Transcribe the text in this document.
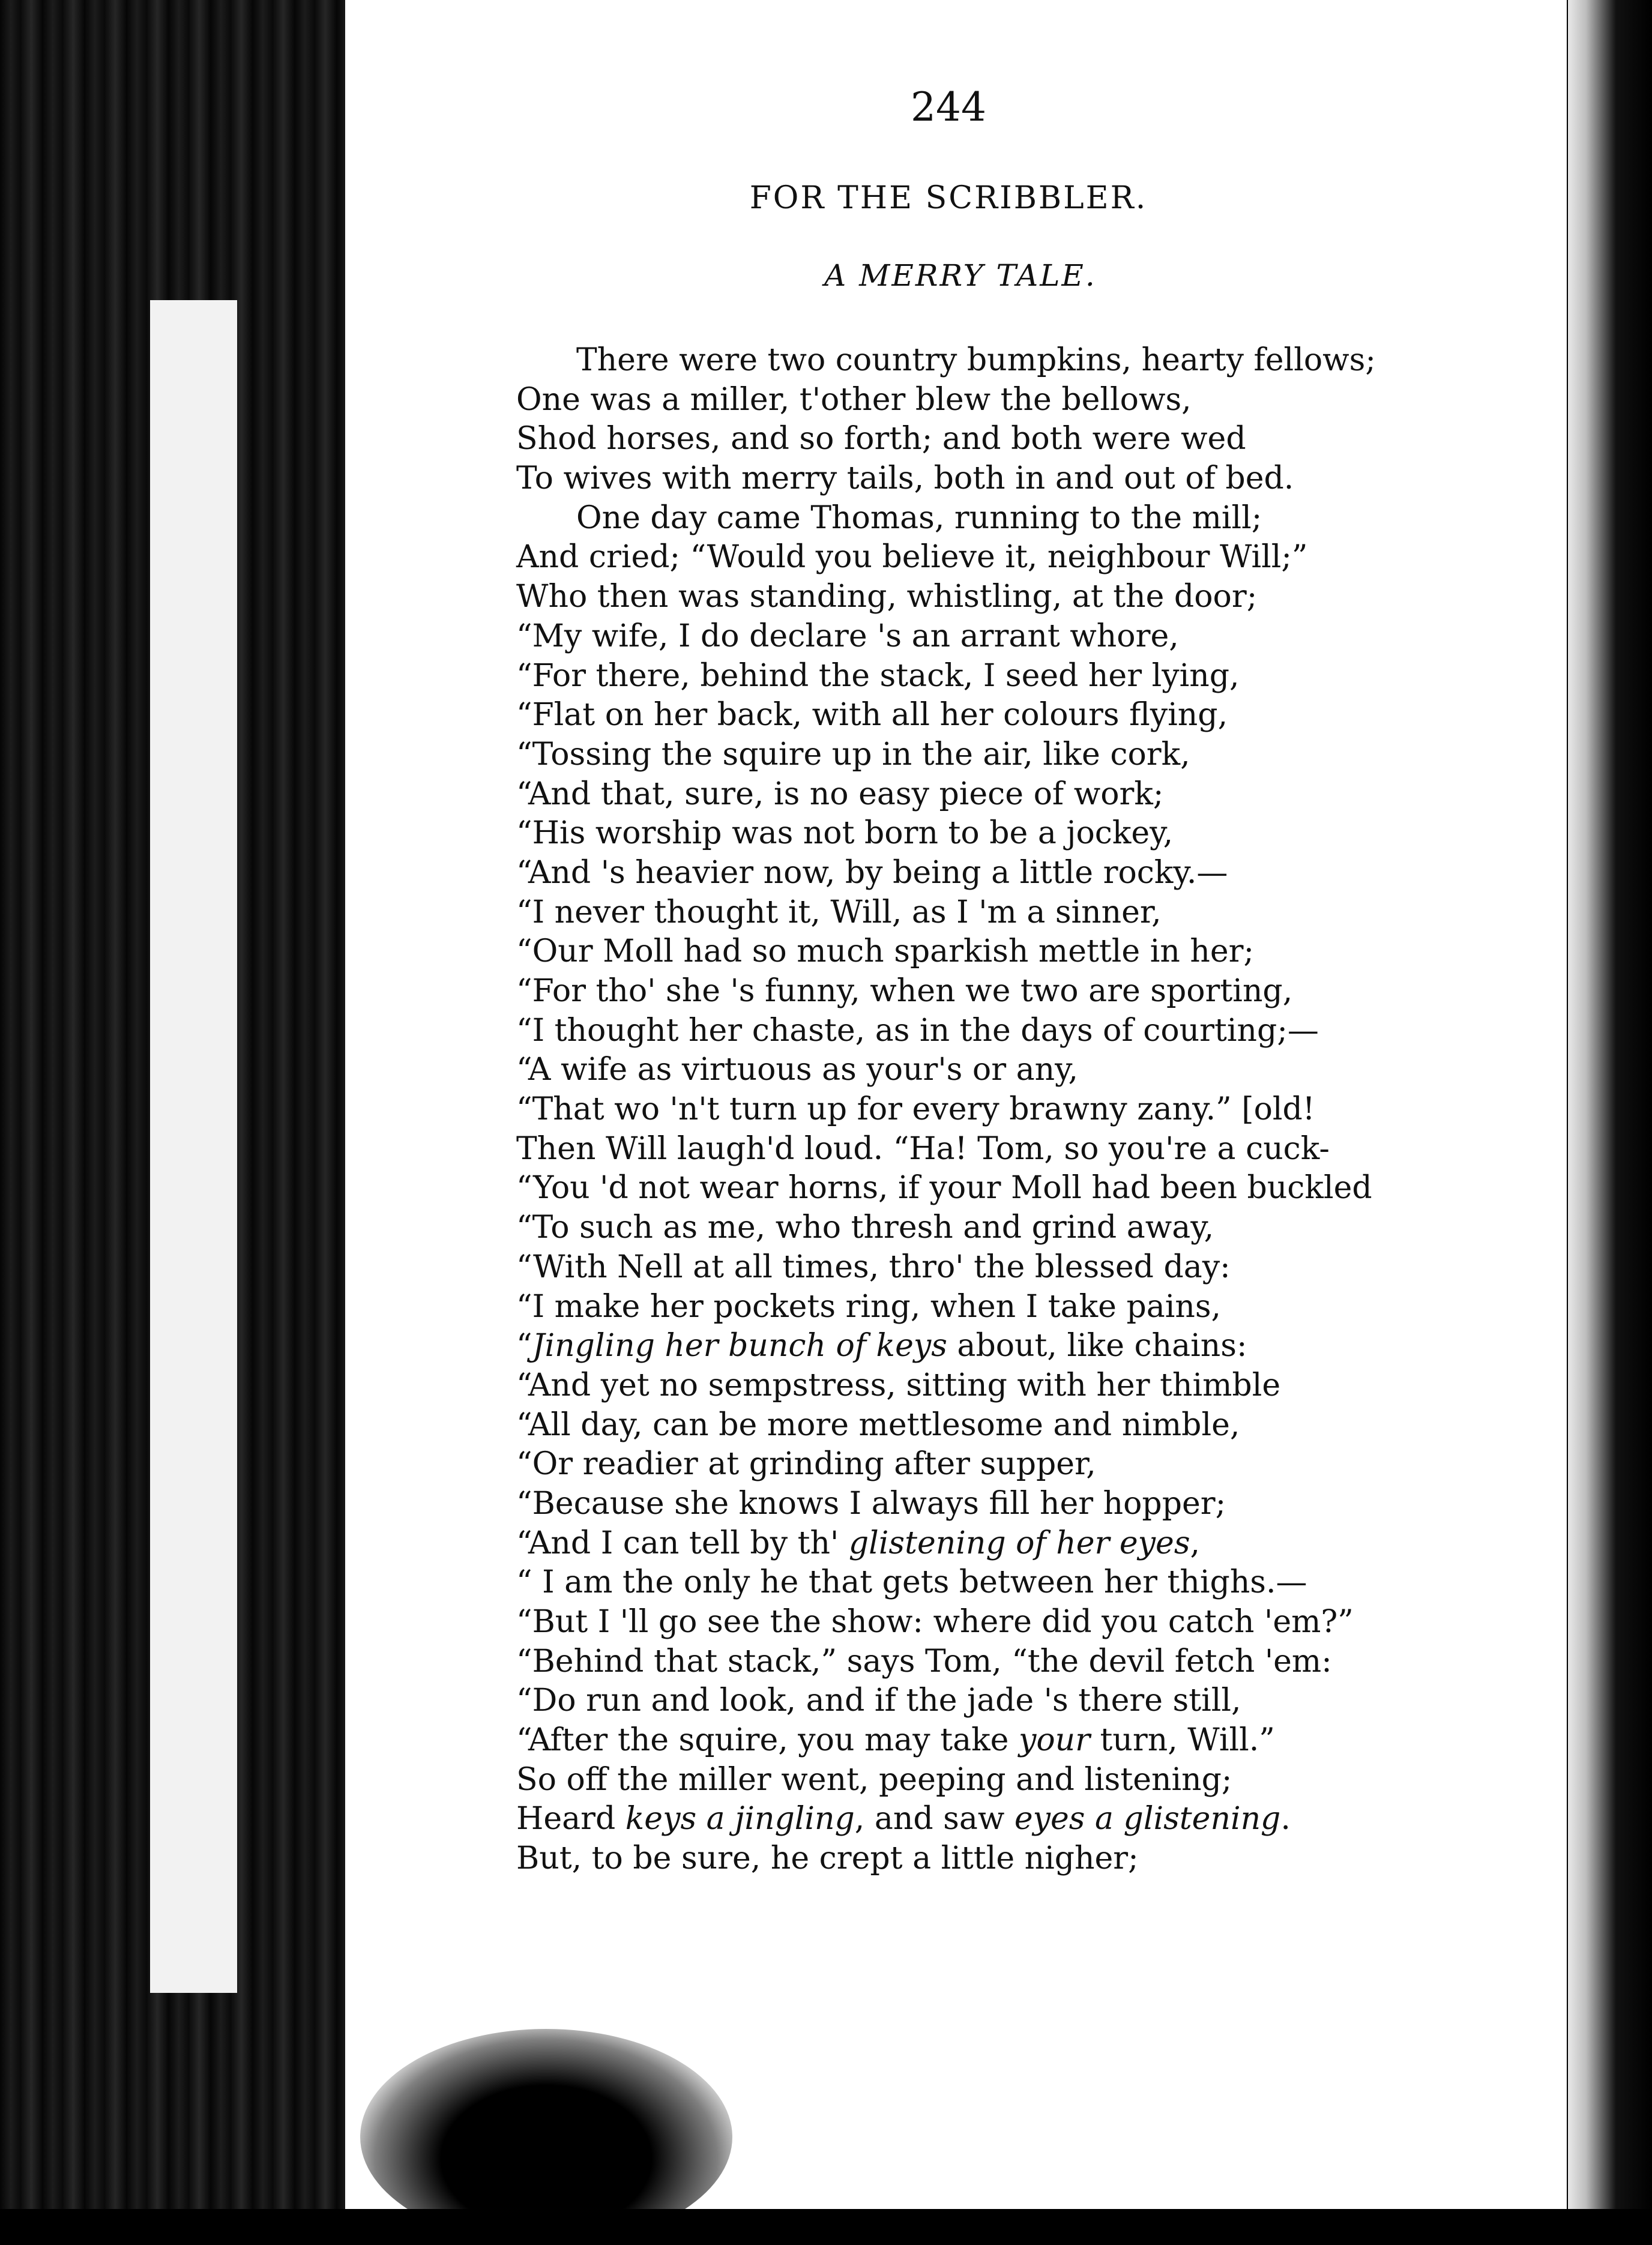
244
FOR THE SCRIBBLER.
A MERRY TALE.
There were two country bumpkins, hearty fellows;
One was a miller, t'other blew the bellows,
Shod horses, and so forth; and both were wed
To wives with merry tails, both in and out of bed.
One day came Thomas, running to the mill;
And cried; “Would you believe it, neighbour Will;”
Who then was standing, whistling, at the door;
“My wife, I do declare 's an arrant whore,
“For there, behind the stack, I seed her lying,
“Flat on her back, with all her colours flying,
“Tossing the squire up in the air, like cork,
“And that, sure, is no easy piece of work;
“His worship was not born to be a jockey,
“And 's heavier now, by being a little rocky.—
“I never thought it, Will, as I 'm a sinner,
“Our Moll had so much sparkish mettle in her;
“For tho' she 's funny, when we two are sporting,
“I thought her chaste, as in the days of courting;—
“A wife as virtuous as your's or any,
“That wo 'n't turn up for every brawny zany.” [old!
Then Will laugh'd loud. “Ha! Tom, so you're a cuck-
“You 'd not wear horns, if your Moll had been buckled
“To such as me, who thresh and grind away,
“With Nell at all times, thro' the blessed day:
“I make her pockets ring, when I take pains,
“Jingling her bunch of keys about, like chains:
“And yet no sempstress, sitting with her thimble
“All day, can be more mettlesome and nimble,
“Or readier at grinding after supper,
“Because she knows I always fill her hopper;
“And I can tell by th' glistening of her eyes,
“ I am the only he that gets between her thighs.—
“But I 'll go see the show: where did you catch 'em?”
“Behind that stack,” says Tom, “the devil fetch 'em:
“Do run and look, and if the jade 's there still,
“After the squire, you may take your turn, Will.”
So off the miller went, peeping and listening;
Heard keys a jingling, and saw eyes a glistening.
But, to be sure, he crept a little nigher;
